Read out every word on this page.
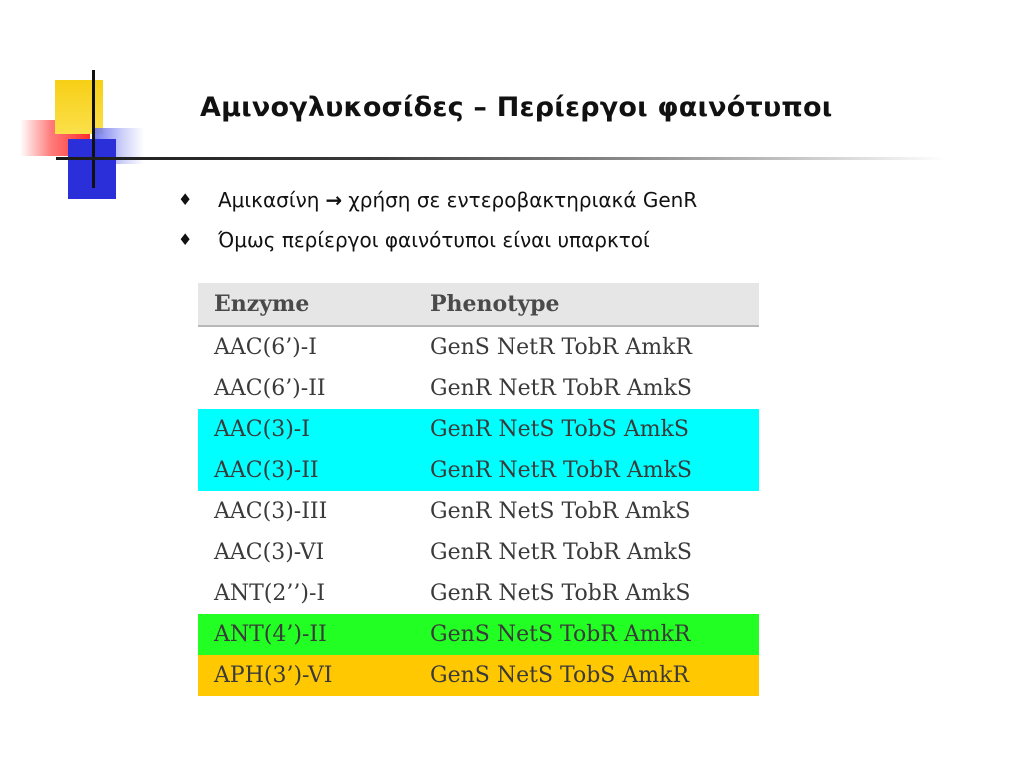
Αμινογλυκοσίδες – Περίεργοι φαινότυποι
♦	Αμικασίνη → χρήση σε εντεροβακτηριακά GenR
♦	Όμως περίεργοι φαινότυποι είναι υπαρκτοί
Enzyme	Phenotype
AAC(6’)-I	GenS NetR TobR AmkR
AAC(6’)-II	GenR NetR TobR AmkS
AAC(3)-I	GenR NetS TobS AmkS
AAC(3)-II	GenR NetR TobR AmkS
AAC(3)-III	GenR NetS TobR AmkS
AAC(3)-VI	GenR NetR TobR AmkS
ANT(2’’)-I	GenR NetS TobR AmkS
ANT(4’)-II	GenS NetS TobR AmkR
APH(3’)-VI	GenS NetS TobS AmkR
